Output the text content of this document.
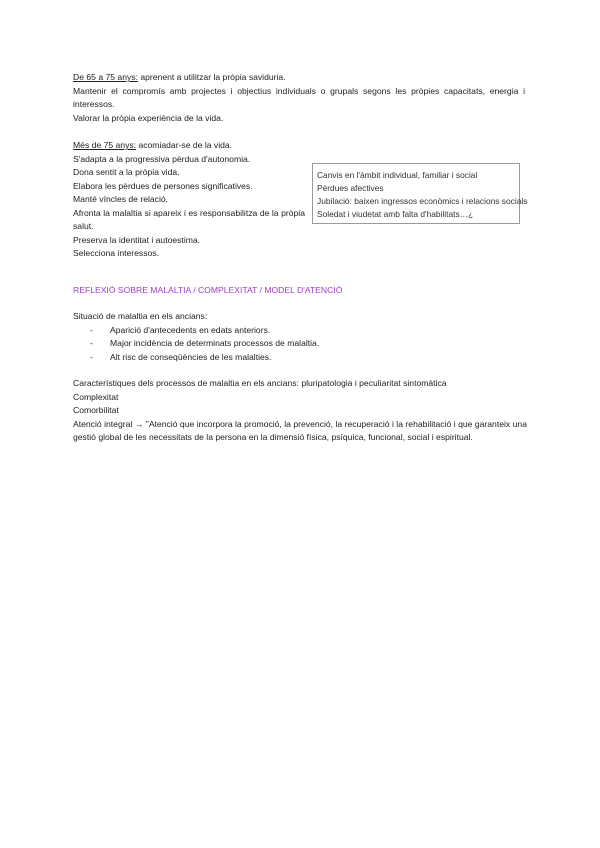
De 65 a 75 anys: aprenent a utilitzar la pròpia saviduria.
Mantenir el compromís amb projectes i objectius individuals o grupals segons les pròpies capacitats, energia i interessos.
Valorar la pròpia experiència de la vida.
Més de 75 anys: acomiadar-se de la vida.
S'adapta a la progressiva pèrdua d'autonomia.
Dona sentit a la pròpia vida.
Elabora les pèrdues de persones significatives.
Manté víncles de relació.
Afronta la malaltia si apareix i es responsabilitza de la pròpia salut.
Preserva la identitat i autoestima.
Selecciona interessos.
Canvis en l'àmbit individual, familiar i social
Pèrdues afectives
Jubilació: baixen ingressos econòmics i relacions socials
Soledat i viudetat amb falta d'habilitats…¿
REFLEXIÓ SOBRE MALALTIA / COMPLEXITAT / MODEL D'ATENCIÓ
Situació de malaltia en els ancians:
- Aparició d'antecedents en edats anteriors.
- Major incidència de determinats processos de malaltia.
- Alt risc de conseqüències de les malalties.
Característiques dels processos de malaltia en els ancians: pluripatologia i peculiaritat sintomàtica
Complexitat
Comorbilitat
Atenció integral → "Atenció que incorpora la promoció, la prevenció, la recuperació i la rehabilitació i que garanteix una gestió global de les necessitats de la persona en la dimensió física, psíquica, funcional, social i espiritual.
